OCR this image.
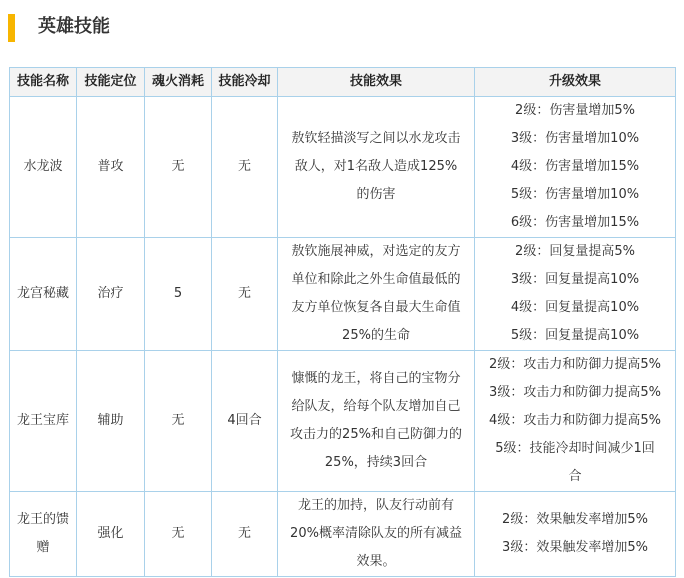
英雄技能
技能名称	技能定位	魂火消耗	技能冷却	技能效果	升级效果

水龙波	普攻	无	无	敖钦轻描淡写之间以水龙攻击
敌人，对1名敌人造成125%
的伤害	2级：伤害量增加5%
3级：伤害量增加10%
4级：伤害量增加15%
5级：伤害量增加10%
6级：伤害量增加15%

龙宫秘藏	治疗	5	无	敖钦施展神威，对选定的友方
单位和除此之外生命值最低的
友方单位恢复各自最大生命值
25%的生命	2级：回复量提高5%
3级：回复量提高10%
4级：回复量提高10%
5级：回复量提高10%

龙王宝库	辅助	无	4回合	慷慨的龙王，将自己的宝物分
给队友，给每个队友增加自己
攻击力的25%和自己防御力的
25%，持续3回合	2级：攻击力和防御力提高5%
3级：攻击力和防御力提高5%
4级：攻击力和防御力提高5%
5级：技能冷却时间减少1回
合

龙王的馈
赠	强化	无	无	龙王的加持，队友行动前有
20%概率清除队友的所有减益
效果。	2级：效果触发率增加5%
3级：效果触发率增加5%
